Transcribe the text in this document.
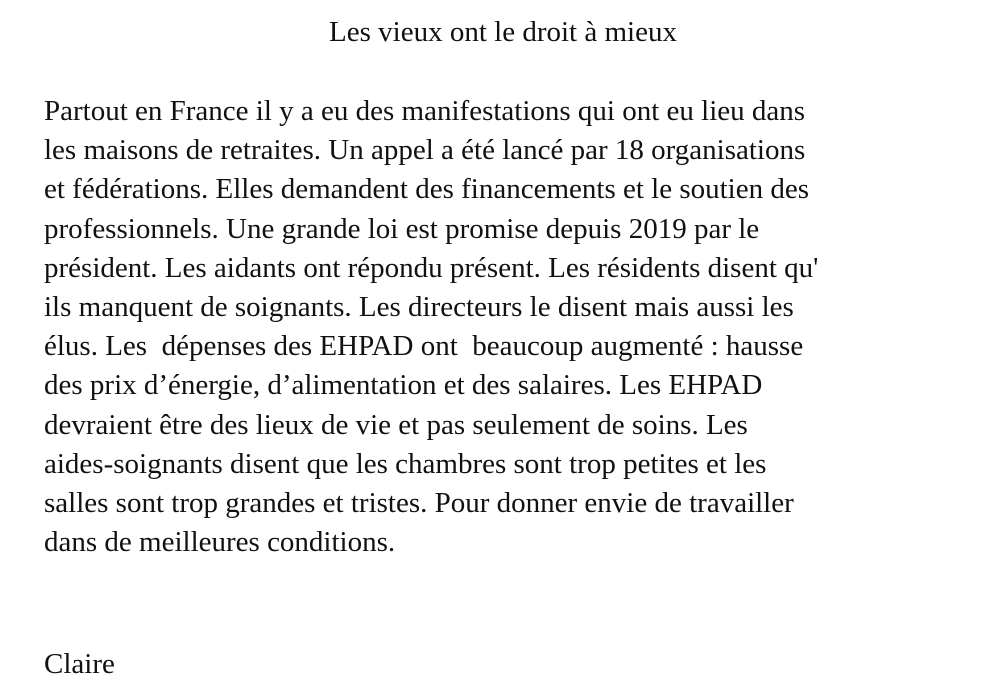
Les vieux ont le droit à mieux
Partout en France il y a eu des manifestations qui ont eu lieu dans
les maisons de retraites. Un appel a été lancé par 18 organisations
et fédérations. Elles demandent des financements et le soutien des
professionnels. Une grande loi est promise depuis 2019 par le
président. Les aidants ont répondu présent. Les résidents disent qu'
ils manquent de soignants. Les directeurs le disent mais aussi les
élus. Les  dépenses des EHPAD ont  beaucoup augmenté : hausse
des prix d’énergie, d’alimentation et des salaires. Les EHPAD
devraient être des lieux de vie et pas seulement de soins. Les
aides-soignants disent que les chambres sont trop petites et les
salles sont trop grandes et tristes. Pour donner envie de travailler
dans de meilleures conditions.
Claire
